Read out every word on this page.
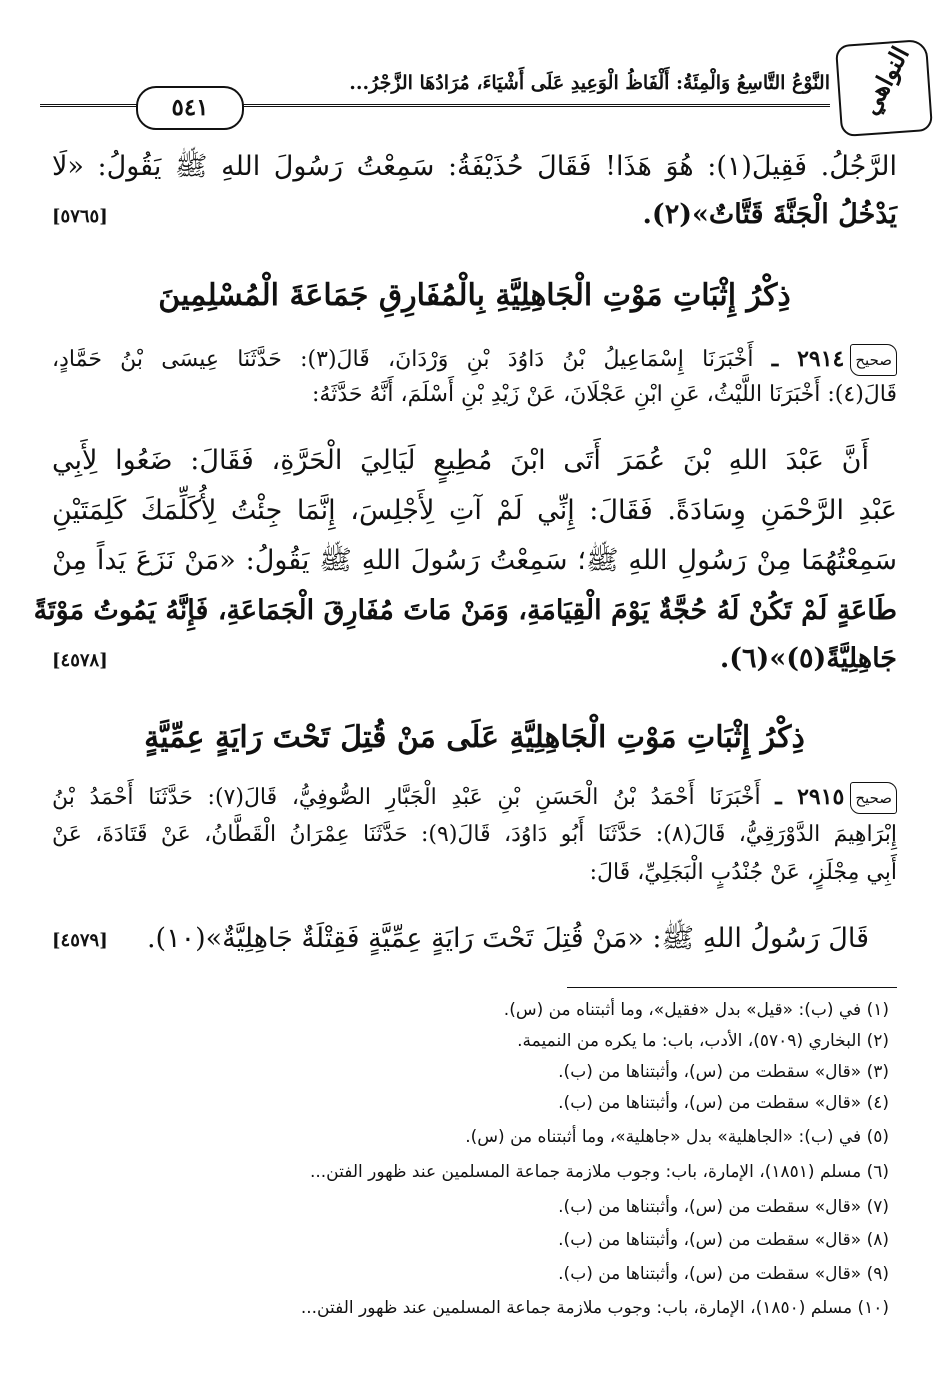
النواهي
النَّوْعُ التَّاسِعُ وَالْمِئَةُ: أَلْفَاظُ الْوَعِيدِ عَلَى أَشْيَاءَ، مُرَادُهَا الزَّجْرُ...
٥٤١
الرَّجُلُ. فَقِيلَ(١): هُوَ هَذَا! فَقَالَ حُذَيْفَةُ: سَمِعْتُ رَسُولَ اللهِ ﷺ يَقُولُ: «لَا
يَدْخُلُ الْجَنَّةَ قَتَّاتٌ»(٢).
[٥٧٦٥]
ذِكْرُ إِثْبَاتِ مَوْتِ الْجَاهِلِيَّةِ بِالْمُفَارِقِ جَمَاعَةَ الْمُسْلِمِينَ
صحيح٢٩١٤ ـ أَخْبَرَنَا إِسْمَاعِيلُ بْنُ دَاوُدَ بْنِ وَرْدَانَ، قَالَ(٣): حَدَّثَنَا عِيسَى بْنُ حَمَّادٍ،
قَالَ(٤): أَخْبَرَنَا اللَّيْثُ، عَنِ ابْنِ عَجْلَانَ، عَنْ زَيْدِ بْنِ أَسْلَمَ، أَنَّهُ حَدَّثَهُ:
أَنَّ عَبْدَ اللهِ بْنَ عُمَرَ أَتَى ابْنَ مُطِيعٍ لَيَالِيَ الْحَرَّةِ، فَقَالَ: ضَعُوا لِأَبِي
عَبْدِ الرَّحْمَنِ وِسَادَةً. فَقَالَ: إِنِّي لَمْ آتِ لِأَجْلِسَ، إِنَّمَا جِئْتُ لِأُكَلِّمَكَ كَلِمَتَيْنِ
سَمِعْتُهُمَا مِنْ رَسُولِ اللهِ ﷺ؛ سَمِعْتُ رَسُولَ اللهِ ﷺ يَقُولُ: «مَنْ نَزَعَ يَداً مِنْ
طَاعَةٍ لَمْ تَكُنْ لَهُ حُجَّةٌ يَوْمَ الْقِيَامَةِ، وَمَنْ مَاتَ مُفَارِقَ الْجَمَاعَةِ، فَإِنَّهُ يَمُوتُ مَوْتَةً
جَاهِلِيَّةً(٥)»(٦).
[٤٥٧٨]
ذِكْرُ إِثْبَاتِ مَوْتِ الْجَاهِلِيَّةِ عَلَى مَنْ قُتِلَ تَحْتَ رَايَةٍ عِمِّيَّةٍ
صحيح٢٩١٥ ـ أَخْبَرَنَا أَحْمَدُ بْنُ الْحَسَنِ بْنِ عَبْدِ الْجَبَّارِ الصُّوفِيُّ، قَالَ(٧): حَدَّثَنَا أَحْمَدُ بْنُ
إِبْرَاهِيمَ الدَّوْرَقِيُّ، قَالَ(٨): حَدَّثَنَا أَبُو دَاوُدَ، قَالَ(٩): حَدَّثَنَا عِمْرَانُ الْقَطَّانُ، عَنْ قَتَادَةَ، عَنْ
أَبِي مِجْلَزٍ، عَنْ جُنْدُبٍ الْبَجَلِيِّ، قَالَ:
قَالَ رَسُولُ اللهِ ﷺ: «مَنْ قُتِلَ تَحْتَ رَايَةٍ عِمِّيَّةٍ فَقِتْلَةٌ جَاهِلِيَّةٌ»(١٠).
[٤٥٧٩]
(١) في (ب): «قيل» بدل «فقيل»، وما أثبتناه من (س).
(٢) البخاري (٥٧٠٩)، الأدب، باب: ما يكره من النميمة.
(٣) «قال» سقطت من (س)، وأثبتناها من (ب).
(٤) «قال» سقطت من (س)، وأثبتناها من (ب).
(٥) في (ب): «الجاهلية» بدل «جاهلية»، وما أثبتناه من (س).
(٦) مسلم (١٨٥١)، الإمارة، باب: وجوب ملازمة جماعة المسلمين عند ظهور الفتن...
(٧) «قال» سقطت من (س)، وأثبتناها من (ب).
(٨) «قال» سقطت من (س)، وأثبتناها من (ب).
(٩) «قال» سقطت من (س)، وأثبتناها من (ب).
(١٠) مسلم (١٨٥٠)، الإمارة، باب: وجوب ملازمة جماعة المسلمين عند ظهور الفتن...
